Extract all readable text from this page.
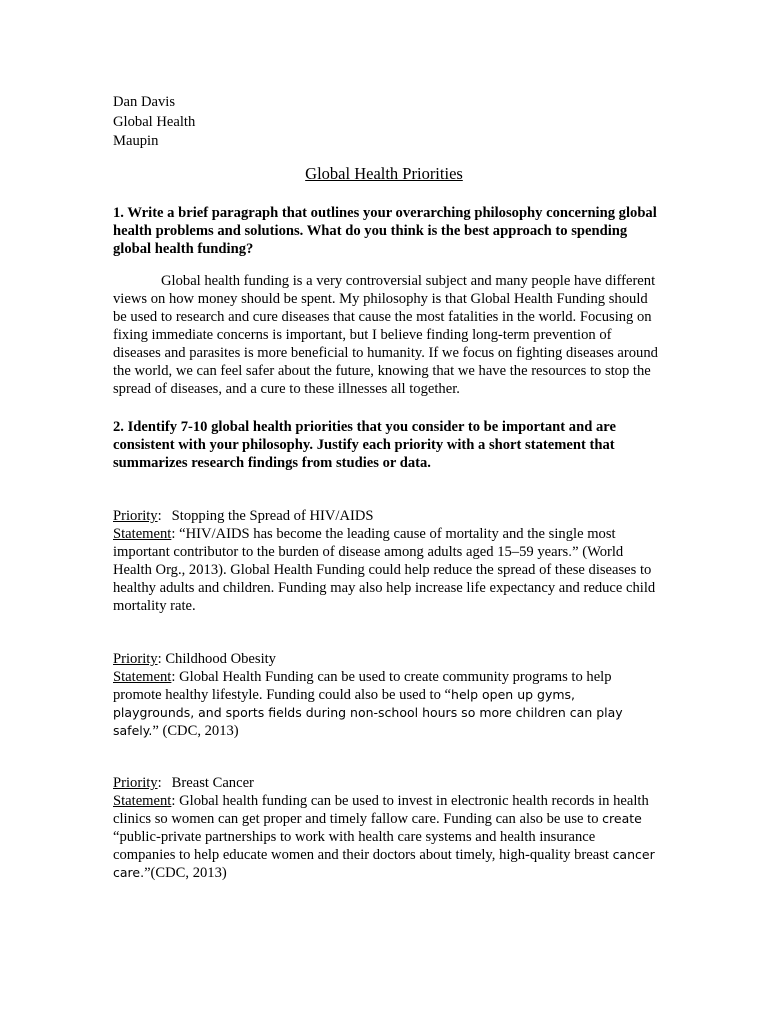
Dan Davis
Global Health
Maupin
Global Health Priorities
1. Write a brief paragraph that outlines your overarching philosophy concerning global health problems and solutions. What do you think is the best approach to spending global health funding?
Global health funding is a very controversial subject and many people have different views on how money should be spent. My philosophy is that Global Health Funding should be used to research and cure diseases that cause the most fatalities in the world. Focusing on fixing immediate concerns is important, but I believe finding long-term prevention of diseases and parasites is more beneficial to humanity. If we focus on fighting diseases around the world, we can feel safer about the future, knowing that we have the resources to stop the spread of diseases, and a cure to these illnesses all together.
2. Identify 7-10 global health priorities that you consider to be important and are consistent with your philosophy. Justify each priority with a short statement that summarizes research findings from studies or data.
Priority: Stopping the Spread of HIV/AIDS
Statement: “HIV/AIDS has become the leading cause of mortality and the single most important contributor to the burden of disease among adults aged 15–59 years.” (World Health Org., 2013). Global Health Funding could help reduce the spread of these diseases to healthy adults and children. Funding may also help increase life expectancy and reduce child mortality rate.
Priority: Childhood Obesity
Statement: Global Health Funding can be used to create community programs to help promote healthy lifestyle. Funding could also be used to “help open up gyms, playgrounds, and sports fields during non-school hours so more children can play safely.” (CDC, 2013)
Priority: Breast Cancer
Statement: Global health funding can be used to invest in electronic health records in health clinics so women can get proper and timely fallow care. Funding can also be use to create “public-private partnerships to work with health care systems and health insurance companies to help educate women and their doctors about timely, high-quality breast cancer care.”(CDC, 2013)
